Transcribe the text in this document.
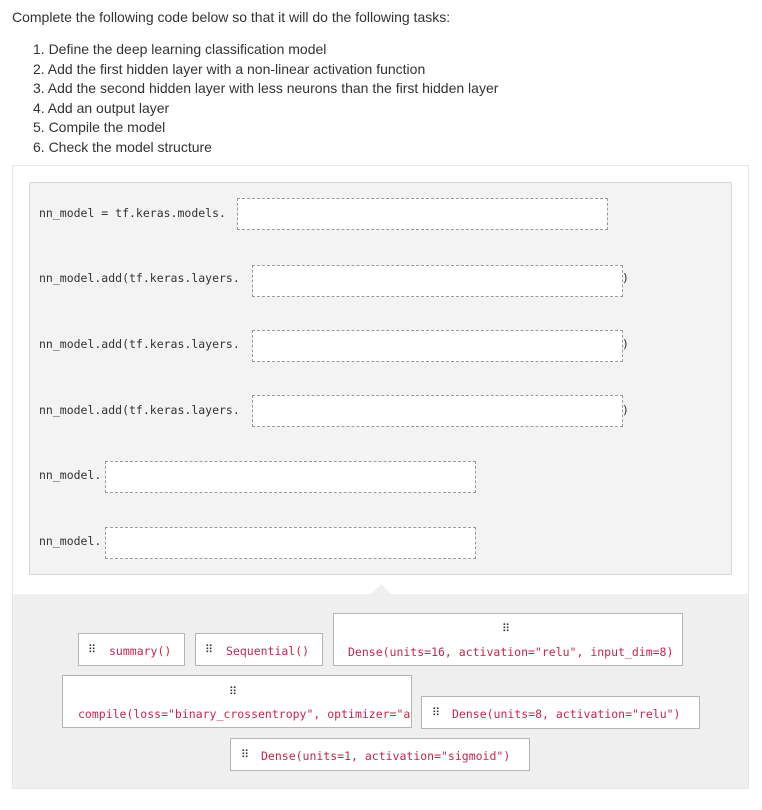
Complete the following code below so that it will do the following tasks:
1. Define the deep learning classification model
2. Add the first hidden layer with a non-linear activation function
3. Add the second hidden layer with less neurons than the first hidden layer
4. Add an output layer
5. Compile the model
6. Check the model structure
nn_model = tf.keras.models.
nn_model.add(tf.keras.layers.	)
nn_model.add(tf.keras.layers.	)
nn_model.add(tf.keras.layers.	)
nn_model.
nn_model.
⠿ summary()	⠿ Sequential()
⠿
Dense(units=16, activation="relu", input_dim=8)
⠿
compile(loss="binary_crossentropy", optimizer="a ⠿ Dense(units=8, activation="relu")
⠿ Dense(units=1, activation="sigmoid")
